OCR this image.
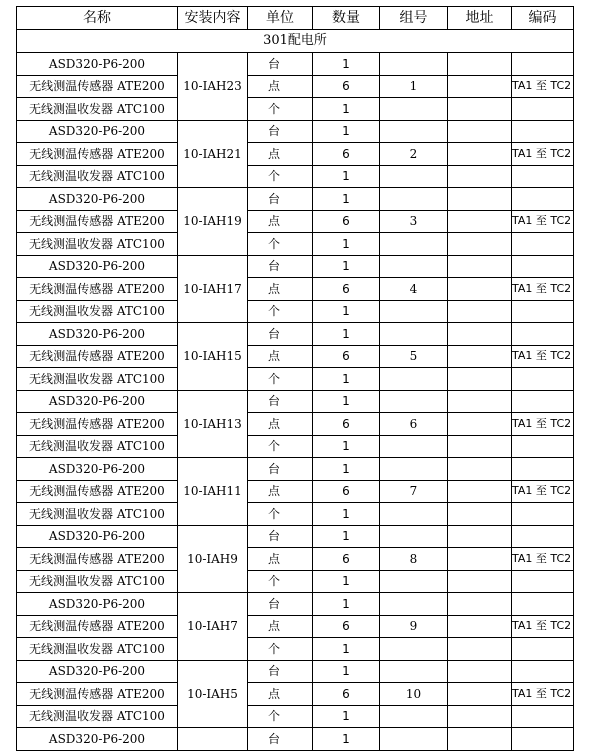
名称	安装内容	单位	数量	组号	地址	编码
301配电所						
ASD320-P6-200	10-IAH23	台	1			
无线测温传感器 ATE200		点	6	1		TA1 至 TC2
无线测温收发器 ATC100		个	1			
ASD320-P6-200	10-IAH21	台	1			
无线测温传感器 ATE200		点	6	2		TA1 至 TC2
无线测温收发器 ATC100		个	1			
ASD320-P6-200	10-IAH19	台	1			
无线测温传感器 ATE200		点	6	3		TA1 至 TC2
无线测温收发器 ATC100		个	1			
ASD320-P6-200	10-IAH17	台	1			
无线测温传感器 ATE200		点	6	4		TA1 至 TC2
无线测温收发器 ATC100		个	1			
ASD320-P6-200	10-IAH15	台	1			
无线测温传感器 ATE200		点	6	5		TA1 至 TC2
无线测温收发器 ATC100		个	1			
ASD320-P6-200	10-IAH13	台	1			
无线测温传感器 ATE200		点	6	6		TA1 至 TC2
无线测温收发器 ATC100		个	1			
ASD320-P6-200	10-IAH11	台	1			
无线测温传感器 ATE200		点	6	7		TA1 至 TC2
无线测温收发器 ATC100		个	1			
ASD320-P6-200	10-IAH9	台	1			
无线测温传感器 ATE200		点	6	8		TA1 至 TC2
无线测温收发器 ATC100		个	1			
ASD320-P6-200	10-IAH7	台	1			
无线测温传感器 ATE200		点	6	9		TA1 至 TC2
无线测温收发器 ATC100		个	1			
ASD320-P6-200	10-IAH5	台	1			
无线测温传感器 ATE200		点	6	10		TA1 至 TC2
无线测温收发器 ATC100		个	1			
ASD320-P6-200		台	1			
